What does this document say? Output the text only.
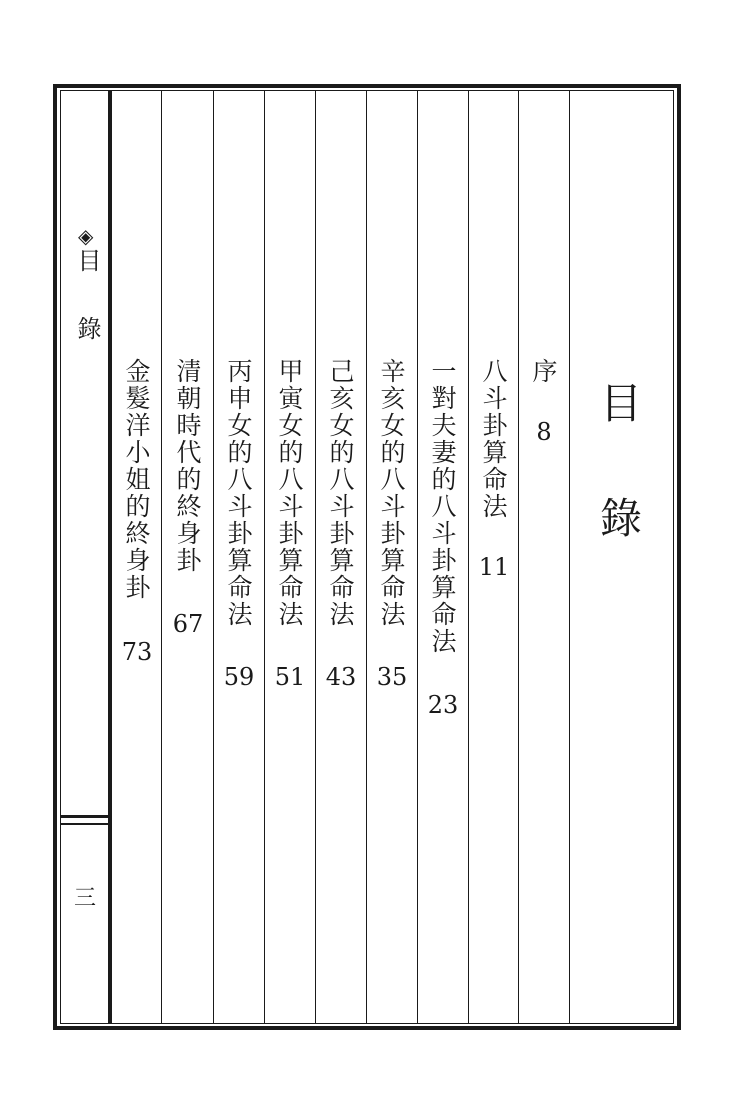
◈
目
錄
三
目
錄
序
8
八斗卦算命法
11
一對夫妻的八斗卦算命法
23
辛亥女的八斗卦算命法
35
己亥女的八斗卦算命法
43
甲寅女的八斗卦算命法
51
丙申女的八斗卦算命法
59
清朝時代的終身卦
67
金髮洋小姐的終身卦
73
